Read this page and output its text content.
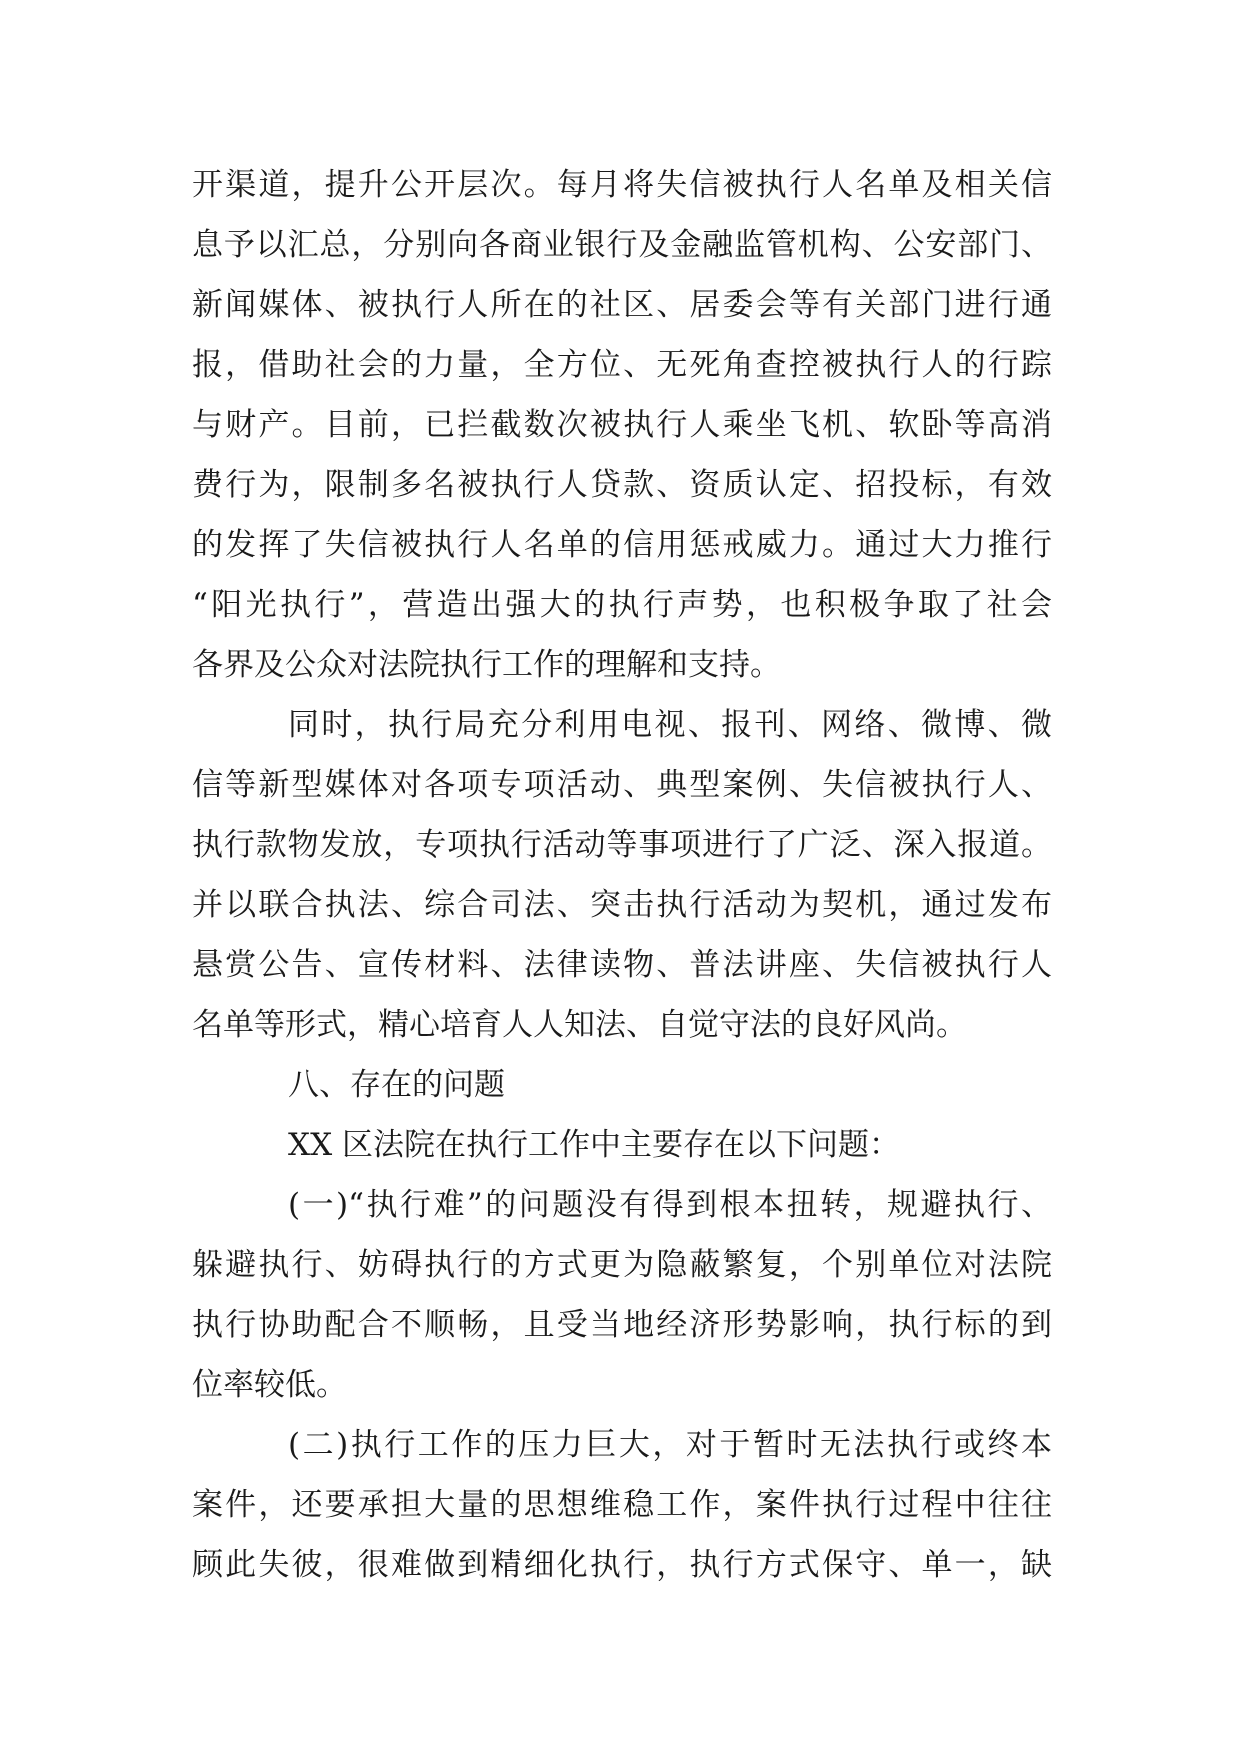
开渠道，提升公开层次。每月将失信被执行人名单及相关信
息予以汇总，分别向各商业银行及金融监管机构、公安部门、
新闻媒体、被执行人所在的社区、居委会等有关部门进行通
报，借助社会的力量，全方位、无死角查控被执行人的行踪
与财产。目前，已拦截数次被执行人乘坐飞机、软卧等高消
费行为，限制多名被执行人贷款、资质认定、招投标，有效
的发挥了失信被执行人名单的信用惩戒威力。通过大力推行
“阳光执行”，营造出强大的执行声势，也积极争取了社会
各界及公众对法院执行工作的理解和支持。
同时，执行局充分利用电视、报刊、网络、微博、微
信等新型媒体对各项专项活动、典型案例、失信被执行人、
执行款物发放，专项执行活动等事项进行了广泛、深入报道。
并以联合执法、综合司法、突击执行活动为契机，通过发布
悬赏公告、宣传材料、法律读物、普法讲座、失信被执行人
名单等形式，精心培育人人知法、自觉守法的良好风尚。
八、存在的问题
XX 区法院在执行工作中主要存在以下问题：
(一)“执行难”的问题没有得到根本扭转，规避执行、
躲避执行、妨碍执行的方式更为隐蔽繁复，个别单位对法院
执行协助配合不顺畅，且受当地经济形势影响，执行标的到
位率较低。
(二)执行工作的压力巨大，对于暂时无法执行或终本
案件，还要承担大量的思想维稳工作，案件执行过程中往往
顾此失彼，很难做到精细化执行，执行方式保守、单一，缺
